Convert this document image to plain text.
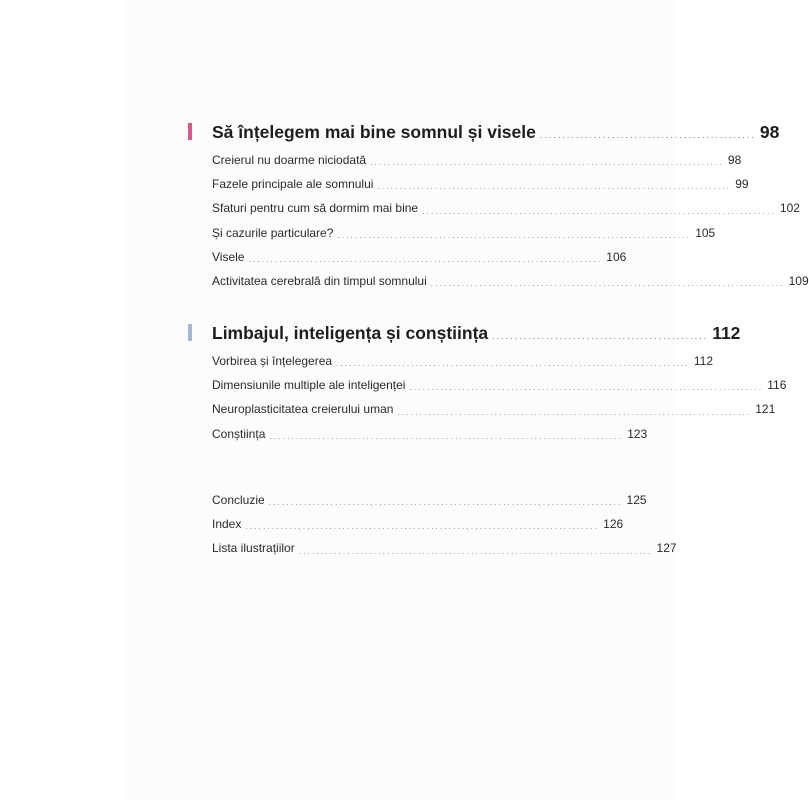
Să înțelegem mai bine somnul și visele ................................................ 98
Creierul nu doarme niciodată ................................................................................ 98
Fazele principale ale somnului ................................................................................ 99
Sfaturi pentru cum să dormim mai bine ................................................................................ 102
Și cazurile particulare? ................................................................................ 105
Visele ................................................................................ 106
Activitatea cerebrală din timpul somnului ................................................................................ 109
Limbajul, inteligența și conștiința ................................................ 112
Vorbirea și înțelegerea ................................................................................ 112
Dimensiunile multiple ale inteligenței ................................................................................ 116
Neuroplasticitatea creierului uman ................................................................................ 121
Conștiința ................................................................................ 123
Concluzie ................................................................................ 125
Index ................................................................................ 126
Lista ilustrațiilor ................................................................................ 127
